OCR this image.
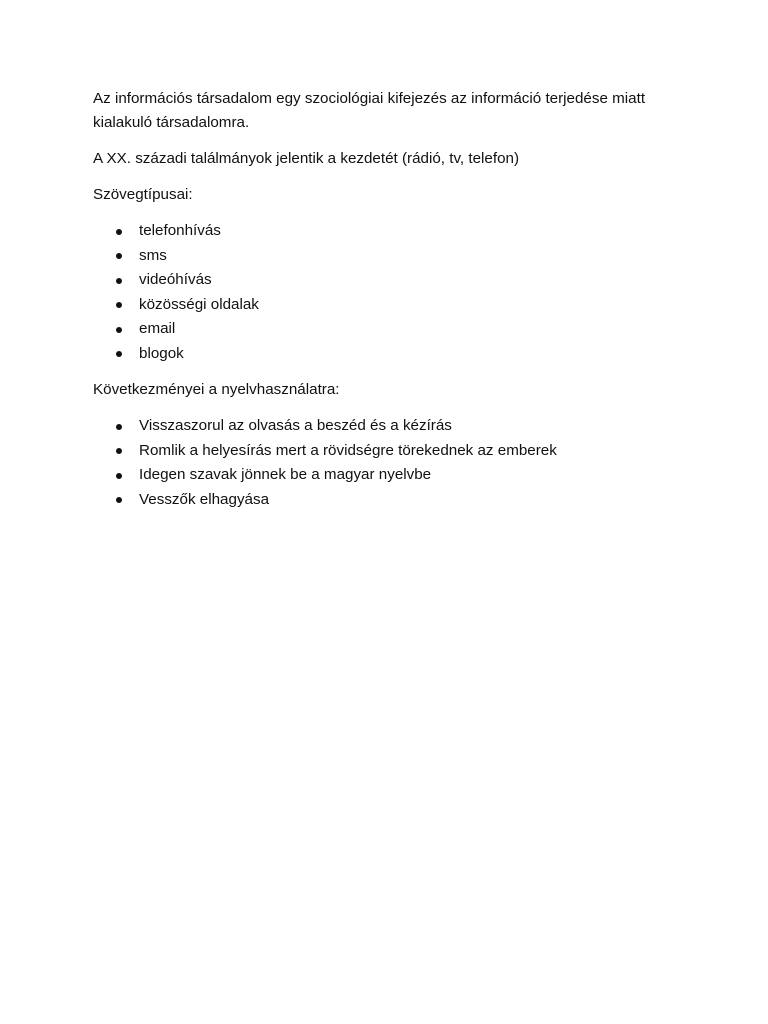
Az információs társadalom egy szociológiai kifejezés az információ terjedése miatt kialakuló társadalomra.

A XX. századi találmányok jelentik a kezdetét (rádió, tv, telefon)

Szövegtípusai:

telefonhívás
sms
videóhívás
közösségi oldalak
email
blogok

Következményei a nyelvhasználatra:

Visszaszorul az olvasás a beszéd és a kézírás
Romlik a helyesírás mert a rövidségre törekednek az emberek
Idegen szavak jönnek be a magyar nyelvbe
Vesszők elhagyása
